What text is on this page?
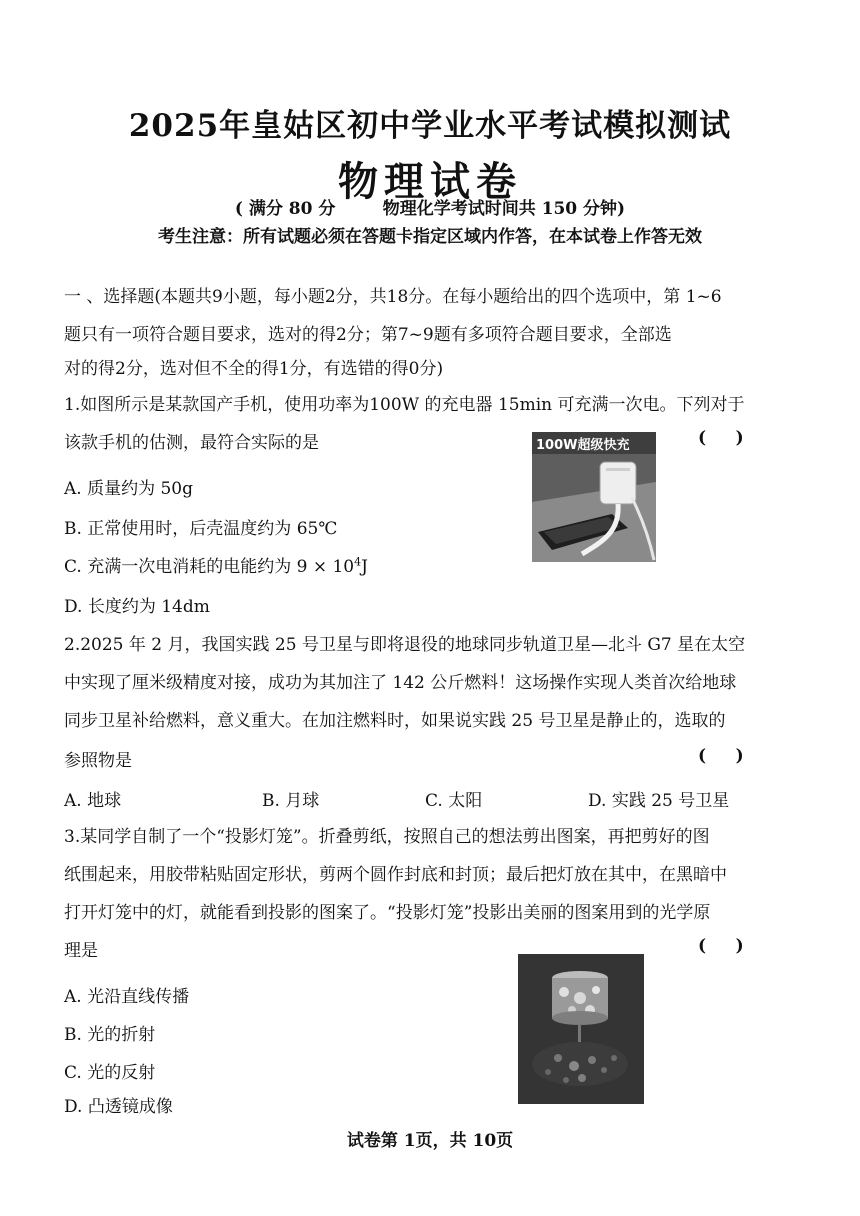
2025年皇姑区初中学业水平考试模拟测试
物理试卷
( 满分 80 分        物理化学考试时间共 150 分钟)
考生注意：所有试题必须在答题卡指定区域内作答，在本试卷上作答无效
一 、选择题(本题共9小题，每小题2分，共18分。在每小题给出的四个选项中，第 1~6
题只有一项符合题目要求，选对的得2分；第7~9题有多项符合题目要求，全部选
对的得2分，选对但不全的得1分，有选错的得0分)
1.如图所示是某款国产手机，使用功率为100W 的充电器 15min 可充满一次电。下列对于
该款手机的估测，最符合实际的是	(     )
100W超级快充
A. 质量约为 50g
B. 正常使用时，后壳温度约为 65℃
C. 充满一次电消耗的电能约为 $9 \times 10^4J$
D. 长度约为 14dm
2.2025 年 2 月，我国实践 25 号卫星与即将退役的地球同步轨道卫星—北斗 G7 星在太空
中实现了厘米级精度对接，成功为其加注了 142 公斤燃料！这场操作实现人类首次给地球
同步卫星补给燃料，意义重大。在加注燃料时，如果说实践 25 号卫星是静止的，选取的
参照物是	(     )
A. 地球	B. 月球	C. 太阳	D. 实践 25 号卫星
3.某同学自制了一个“投影灯笼”。折叠剪纸，按照自己的想法剪出图案，再把剪好的图
纸围起来，用胶带粘贴固定形状，剪两个圆作封底和封顶；最后把灯放在其中，在黑暗中
打开灯笼中的灯，就能看到投影的图案了。“投影灯笼”投影出美丽的图案用到的光学原
理是	(     )
A. 光沿直线传播
B. 光的折射
C. 光的反射
D. 凸透镜成像
试卷第 1页，共 10页
